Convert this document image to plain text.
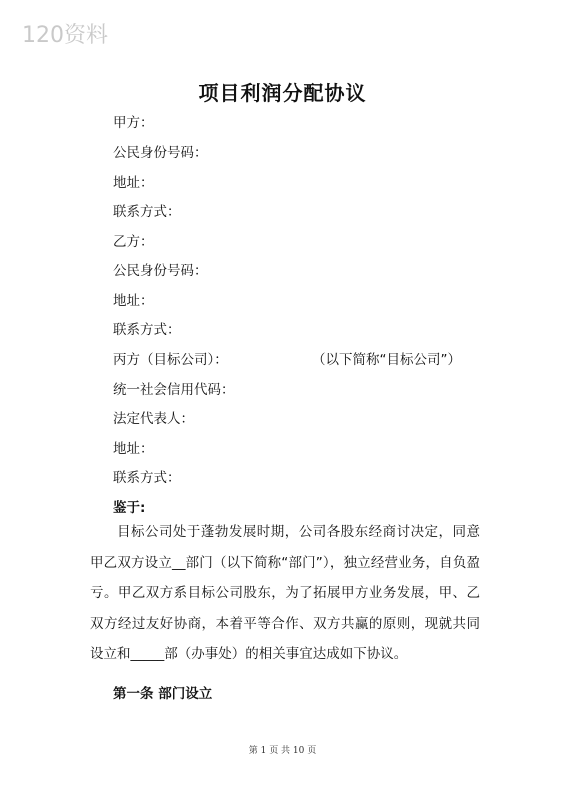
120资料
项目利润分配协议
甲方：
公民身份号码：
地址：
联系方式：
乙方：
公民身份号码：
地址：
联系方式：
丙方（目标公司）：	（以下简称“目标公司”）
统一社会信用代码：
法定代表人：
地址：
联系方式：
鉴于:
目标公司处于蓬勃发展时期，公司各股东经商讨决定，同意甲乙双方设立__部门（以下简称“部门”），独立经营业务，自负盈亏。甲乙双方系目标公司股东，为了拓展甲方业务发展，甲、乙双方经过友好协商，本着平等合作、双方共赢的原则，现就共同设立和_____部（办事处）的相关事宜达成如下协议。
第一条 部门设立
第 1 页 共 10 页
